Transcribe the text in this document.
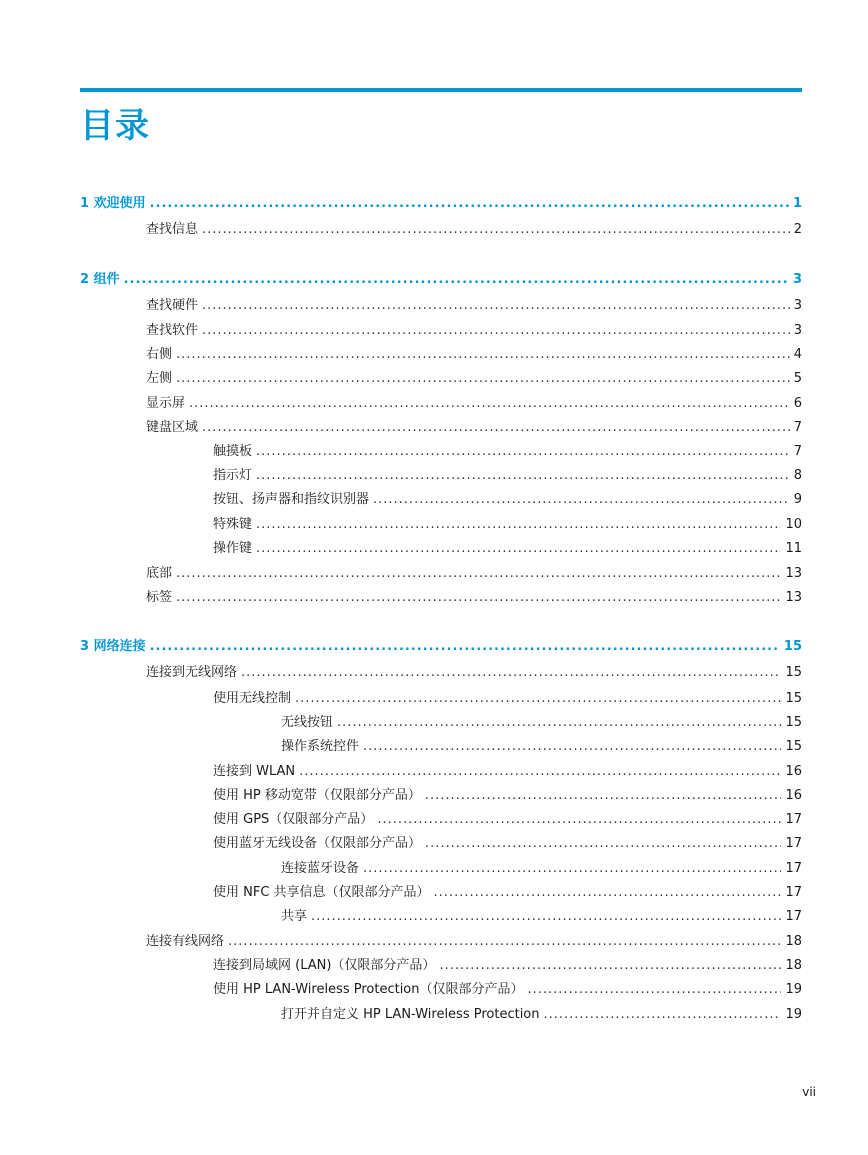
目录
1 欢迎使用 .....	1
查找信息 .....	2
2 组件 .....	3
查找硬件 .....	3
查找软件 .....	3
右侧 .....	4
左侧 .....	5
显示屏 .....	6
键盘区域 .....	7
触摸板 .....	7
指示灯 .....	8
按钮、扬声器和指纹识别器 .....	9
特殊键 .....	10
操作键 .....	11
底部 .....	13
标签 .....	13
3 网络连接 .....	15
连接到无线网络 .....	15
使用无线控制 .....	15
无线按钮 .....	15
操作系统控件 .....	15
连接到 WLAN .....	16
使用 HP 移动宽带（仅限部分产品） .....	16
使用 GPS（仅限部分产品） .....	17
使用蓝牙无线设备（仅限部分产品） .....	17
连接蓝牙设备 .....	17
使用 NFC 共享信息（仅限部分产品） .....	17
共享 .....	17
连接有线网络 .....	18
连接到局域网 (LAN)（仅限部分产品） .....	18
使用 HP LAN-Wireless Protection（仅限部分产品） .....	19
打开并自定义 HP LAN-Wireless Protection .....	19
vii
